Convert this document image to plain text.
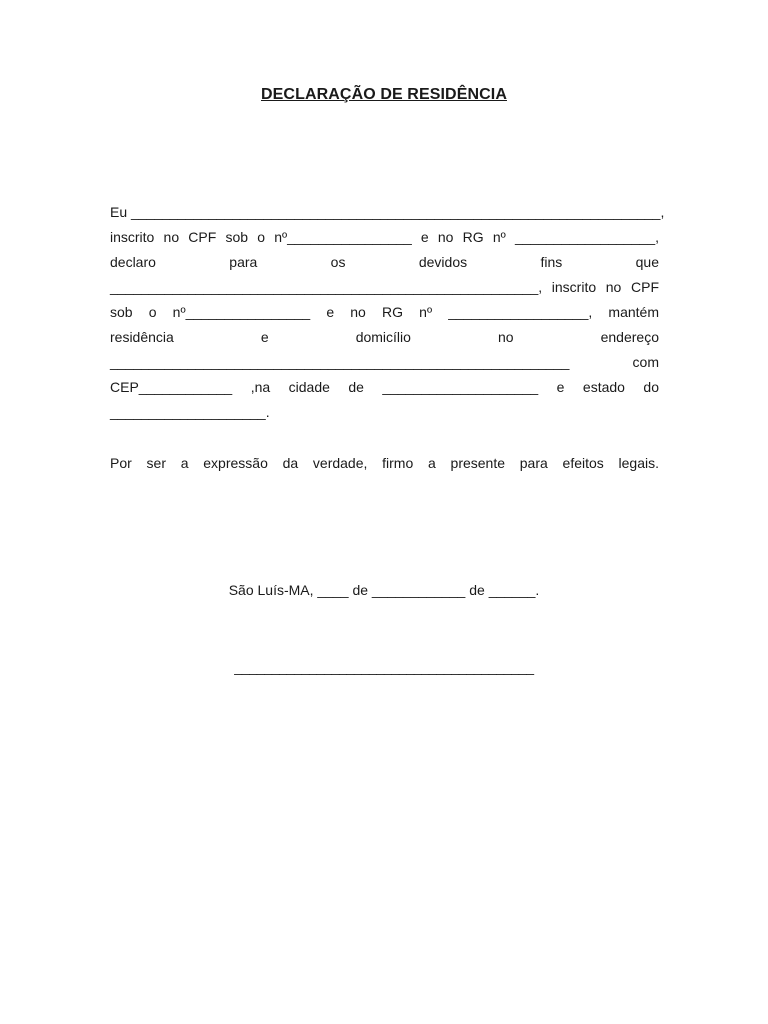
DECLARAÇÃO DE RESIDÊNCIA
Eu ____________________________________________________________________,
inscrito no CPF sob o nº________________ e no RG nº __________________,
declaro para os devidos fins que
_______________________________________________________, inscrito no CPF
sob o nº________________ e no RG nº __________________, mantém
residência e domicílio no endereço
___________________________________________________________ com
CEP____________ ,na cidade de ____________________ e estado do
____________________.
Por ser a expressão da verdade, firmo a presente para efeitos legais.
São Luís-MA, ____ de ____________ de ______.
________________________________________
